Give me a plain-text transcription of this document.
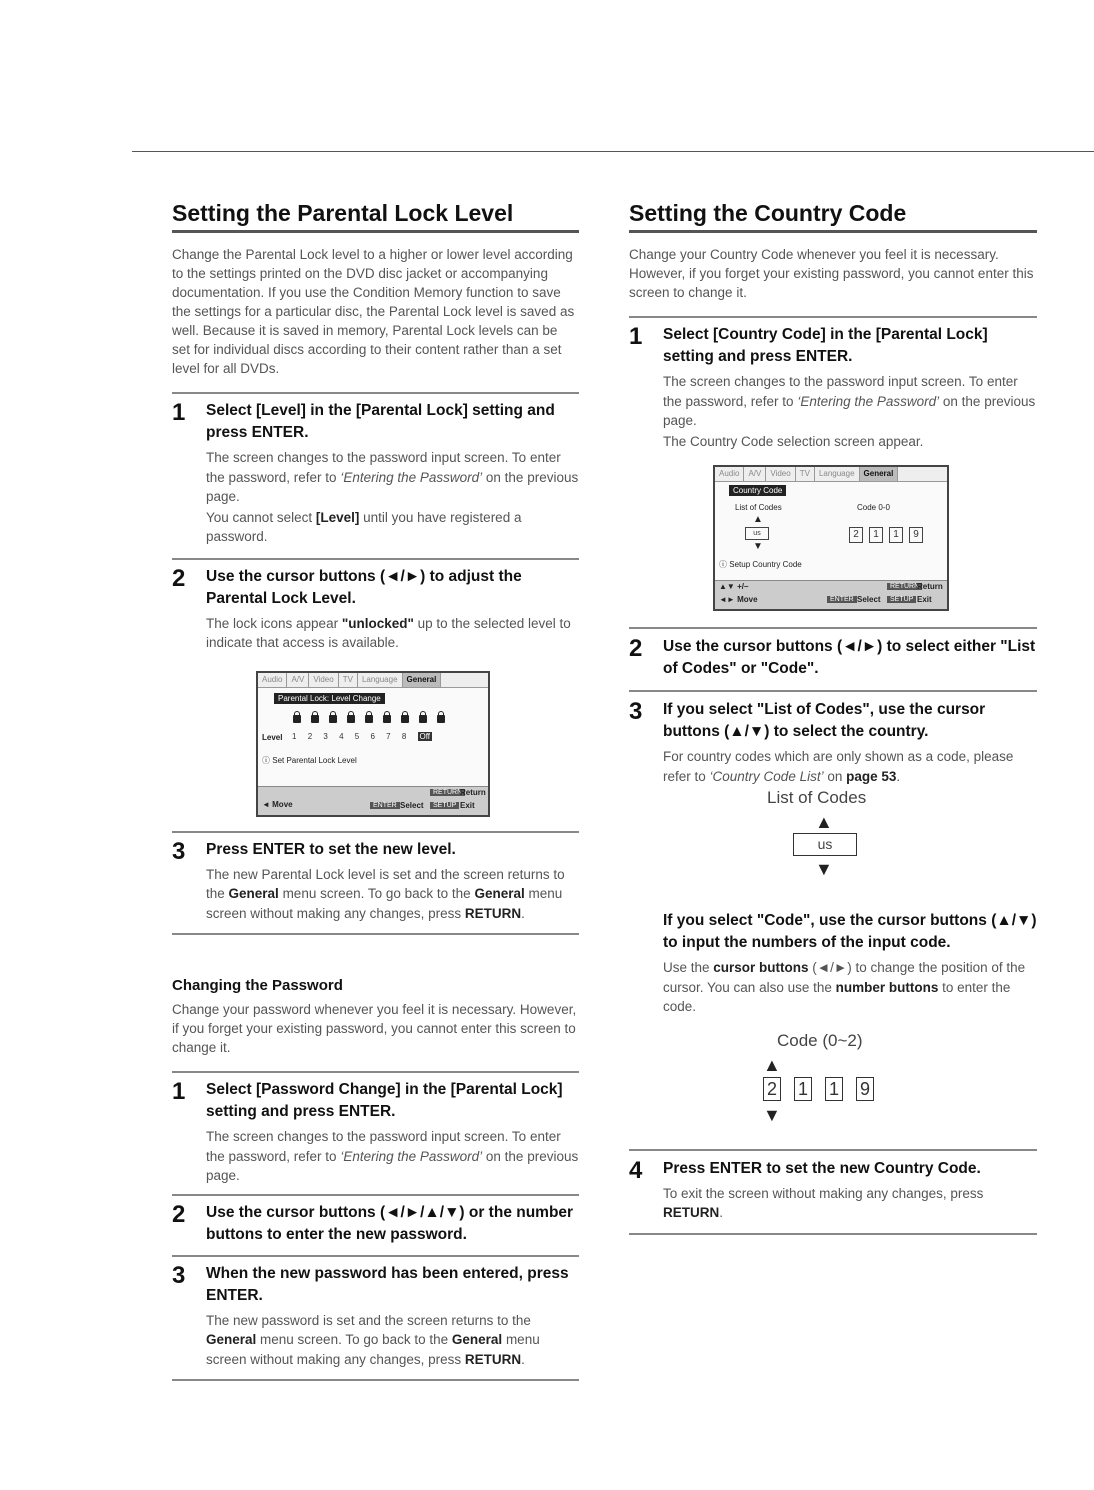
Setting the Parental Lock Level

Change the Parental Lock level to a higher or lower level according to the settings printed on the DVD disc jacket or accompanying documentation. If you use the Condition Memory function to save the settings for a particular disc, the Parental Lock level is saved as well. Because it is saved in memory, Parental Lock levels can be set for individual discs according to their content rather than a set level for all DVDs.

1 Select [Level] in the [Parental Lock] setting and press ENTER.

The screen changes to the password input screen. To enter the password, refer to ‘Entering the Password’ on the previous page.

You cannot select [Level] until you have registered a password.

2 Use the cursor buttons (◄/►) to adjust the Parental Lock Level.

The lock icons appear "unlocked" up to the selected level to indicate that access is available.

Audio	A/V	Video	TV	Language	General
Parental Lock: Level Change
Level 1 2 3 4 5 6 7 8 Off
ⓘ Set Parental Lock Level
◄ Move
RETURN
Return
ENTER Select	SETUP Exit
3 Press ENTER to set the new level.

The new Parental Lock level is set and the screen returns to the General menu screen. To go back to the General menu screen without making any changes, press RETURN.

Changing the Password

Change your password whenever you feel it is necessary. However, if you forget your existing password, you cannot enter this screen to change it.

1 Select [Password Change] in the [Parental Lock] setting and press ENTER.

The screen changes to the password input screen. To enter the password, refer to ‘Entering the Password’ on the previous page.

2 Use the cursor buttons (◄/►/▲/▼) or the number buttons to enter the new password.

3 When the new password has been entered, press ENTER.

The new password is set and the screen returns to the General menu screen. To go back to the General menu screen without making any changes, press RETURN.

Setting the Country Code

Change your Country Code whenever you feel it is necessary. However, if you forget your existing password, you cannot enter this screen to change it.

1 Select [Country Code] in the [Parental Lock] setting and press ENTER.

The screen changes to the password input screen. To enter the password, refer to ‘Entering the Password’ on the previous page.

The Country Code selection screen appear.

Audio	A/V	Video	TV	Language	General
Country Code
List of Codes	Code 0-0
▲
us
▼
2 1 1 9
ⓘ Setup Country Code
▲▼ +/–
◄► Move
RETURN
Return
ENTER Select	SETUP Exit
2 Use the cursor buttons (◄/►) to select either "List of Codes" or "Code".

3 If you select "List of Codes", use the cursor buttons (▲/▼) to select the country.

For country codes which are only shown as a code, please refer to ‘Country Code List’ on page 53.

List of Codes
▲
us
▼

If you select "Code", use the cursor buttons (▲/▼) to input the numbers of the input code.

Use the cursor buttons (◄/►) to change the position of the cursor. You can also use the number buttons to enter the code.

Code (0~2)
▲
2 1 1 9
▼
4 Press ENTER to set the new Country Code.

To exit the screen without making any changes, press RETURN.
